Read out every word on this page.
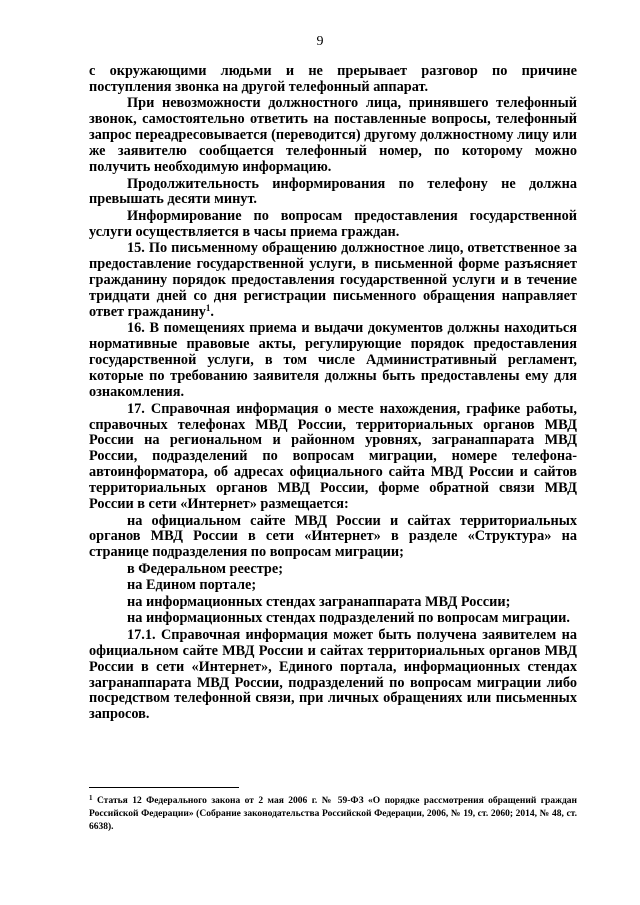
9

с окружающими людьми и не прерывает разговор по причине поступления звонка на другой телефонный аппарат.

При невозможности должностного лица, принявшего телефонный звонок, самостоятельно ответить на поставленные вопросы, телефонный запрос переадресовывается (переводится) другому должностному лицу или же заявителю сообщается телефонный номер, по которому можно получить необходимую информацию.

Продолжительность информирования по телефону не должна превышать десяти минут.

Информирование по вопросам предоставления государственной услуги осуществляется в часы приема граждан.

15. По письменному обращению должностное лицо, ответственное за предоставление государственной услуги, в письменной форме разъясняет гражданину порядок предоставления государственной услуги и в течение тридцати дней со дня регистрации письменного обращения направляет ответ гражданину$^1$.

16. В помещениях приема и выдачи документов должны находиться нормативные правовые акты, регулирующие порядок предоставления государственной услуги, в том числе Административный регламент, которые по требованию заявителя должны быть предоставлены ему для ознакомления.

17. Справочная информация о месте нахождения, графике работы, справочных телефонах МВД России, территориальных органов МВД России на региональном и районном уровнях, загранаппарата МВД России, подразделений по вопросам миграции, номере телефона-автоинформатора, об адресах официального сайта МВД России и сайтов территориальных органов МВД России, форме обратной связи МВД России в сети «Интернет» размещается:

на официальном сайте МВД России и сайтах территориальных органов МВД России в сети «Интернет» в разделе «Структура» на странице подразделения по вопросам миграции;

в Федеральном реестре;

на Едином портале;

на информационных стендах загранаппарата МВД России;

на информационных стендах подразделений по вопросам миграции.

17.1. Справочная информация может быть получена заявителем на официальном сайте МВД России и сайтах территориальных органов МВД России в сети «Интернет», Единого портала, информационных стендах загранаппарата МВД России, подразделений по вопросам миграции либо посредством телефонной связи, при личных обращениях или письменных запросов.

$^1$ Статья 12 Федерального закона от 2 мая 2006 г. № 59-ФЗ «О порядке рассмотрения обращений граждан Российской Федерации» (Собрание законодательства Российской Федерации, 2006, № 19, ст. 2060; 2014, № 48, ст. 6638).
